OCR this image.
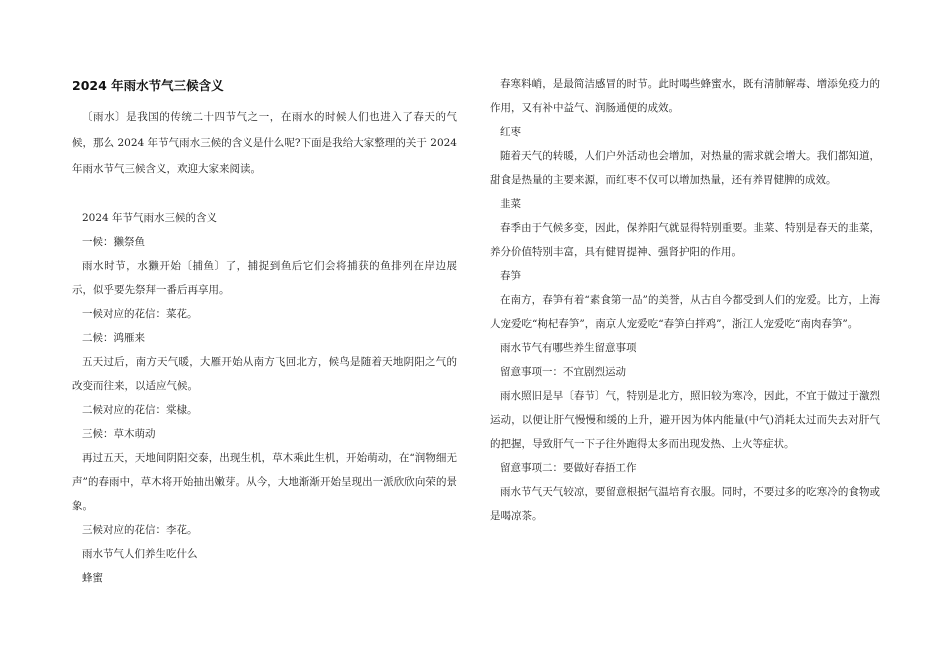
2024 年雨水节气三候含义

〔雨水〕是我国的传统二十四节气之一，在雨水的时候人们也进入了春天的气候，那么 2024 年节气雨水三候的含义是什么呢?下面是我给大家整理的关于 2024 年雨水节气三候含义，欢迎大家来阅读。

2024 年节气雨水三候的含义

一候：獭祭鱼

雨水时节，水獭开始〔捕鱼〕了，捕捉到鱼后它们会将捕获的鱼排列在岸边展示，似乎要先祭拜一番后再享用。

一候对应的花信：菜花。

二候：鸿雁来

五天过后，南方天气暖，大雁开始从南方飞回北方，候鸟是随着天地阴阳之气的改变而往来，以适应气候。

二候对应的花信：棠棣。

三候：草木萌动

再过五天，天地间阴阳交泰，出现生机，草木乘此生机，开始萌动，在“润物细无声”的春雨中，草木将开始抽出嫩芽。从今，大地渐渐开始呈现出一派欣欣向荣的景象。

三候对应的花信：李花。

雨水节气人们养生吃什么

蜂蜜

春寒料峭，是最简洁感冒的时节。此时喝些蜂蜜水，既有清肺解毒、增添免疫力的作用，又有补中益气、润肠通便的成效。

红枣

随着天气的转暖，人们户外活动也会增加，对热量的需求就会增大。我们都知道，甜食是热量的主要来源，而红枣不仅可以增加热量，还有养胃健脾的成效。

韭菜

春季由于气候多变，因此，保养阳气就显得特别重要。韭菜、特别是春天的韭菜，养分价值特别丰富，具有健胃提神、强肾护阳的作用。

春笋

在南方，春笋有着“素食第一品”的美誉，从古自今都受到人们的宠爱。比方，上海人宠爱吃“枸杞春笋”，南京人宠爱吃“春笋白拌鸡”，浙江人宠爱吃“南肉春笋”。

雨水节气有哪些养生留意事项

留意事项一：不宜剧烈运动

雨水照旧是早〔春节〕气，特别是北方，照旧较为寒冷，因此，不宜于做过于激烈运动，以便让肝气慢慢和缓的上升，避开因为体内能量(中气)消耗太过而失去对肝气的把握，导致肝气一下子往外跑得太多而出现发热、上火等症状。

留意事项二：要做好春捂工作

雨水节气天气较凉，要留意根据气温培育衣服。同时，不要过多的吃寒冷的食物或是喝凉茶。
